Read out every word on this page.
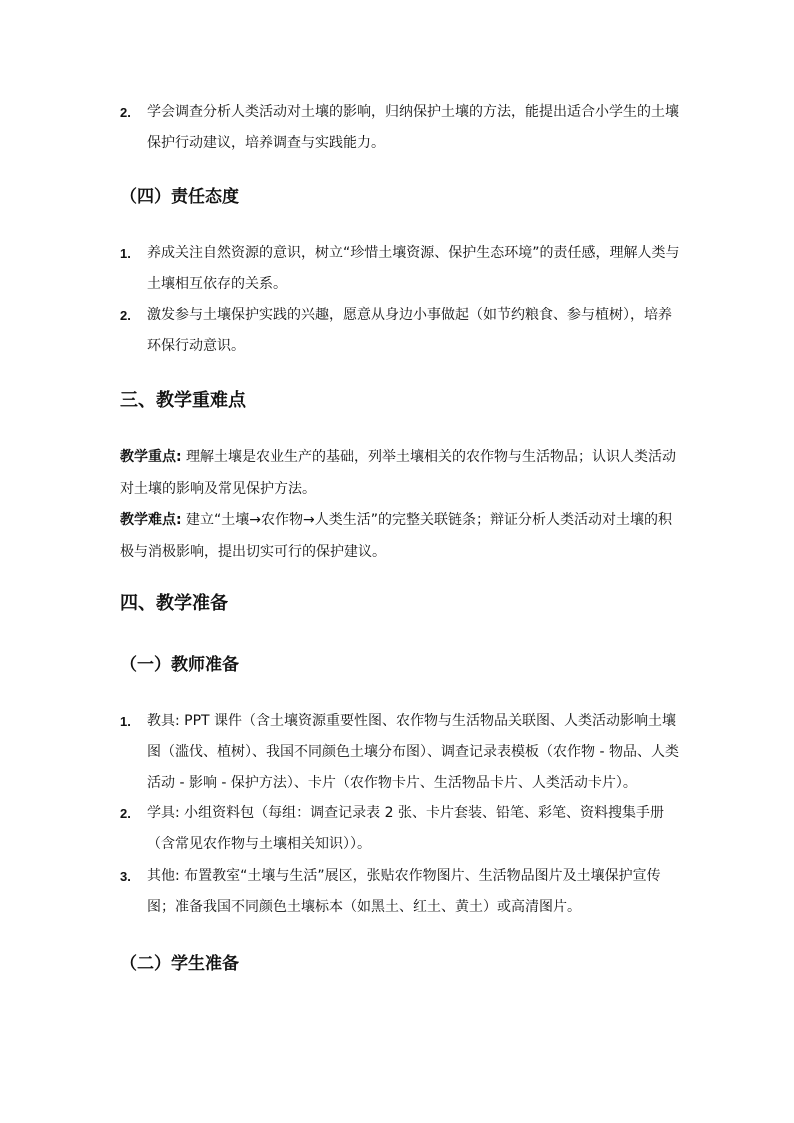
2.	学会调查分析人类活动对土壤的影响，归纳保护土壤的方法，能提出适合小学生的土壤保护行动建议，培养调查与实践能力。
（四）责任态度
1.	养成关注自然资源的意识，树立“珍惜土壤资源、保护生态环境”的责任感，理解人类与土壤相互依存的关系。
2.	激发参与土壤保护实践的兴趣，愿意从身边小事做起（如节约粮食、参与植树），培养环保行动意识。
三、教学重难点
教学重点: 理解土壤是农业生产的基础，列举土壤相关的农作物与生活物品；认识人类活动对土壤的影响及常见保护方法。
教学难点: 建立“土壤→农作物→人类生活”的完整关联链条；辩证分析人类活动对土壤的积极与消极影响，提出切实可行的保护建议。
四、教学准备
（一）教师准备
1.	教具: PPT 课件（含土壤资源重要性图、农作物与生活物品关联图、人类活动影响土壤图（滥伐、植树）、我国不同颜色土壤分布图）、调查记录表模板（农作物 - 物品、人类活动 - 影响 - 保护方法）、卡片（农作物卡片、生活物品卡片、人类活动卡片）。
2.	学具: 小组资料包（每组：调查记录表 2 张、卡片套装、铅笔、彩笔、资料搜集手册（含常见农作物与土壤相关知识））。
3.	其他: 布置教室“土壤与生活”展区，张贴农作物图片、生活物品图片及土壤保护宣传图；准备我国不同颜色土壤标本（如黑土、红土、黄土）或高清图片。
（二）学生准备
